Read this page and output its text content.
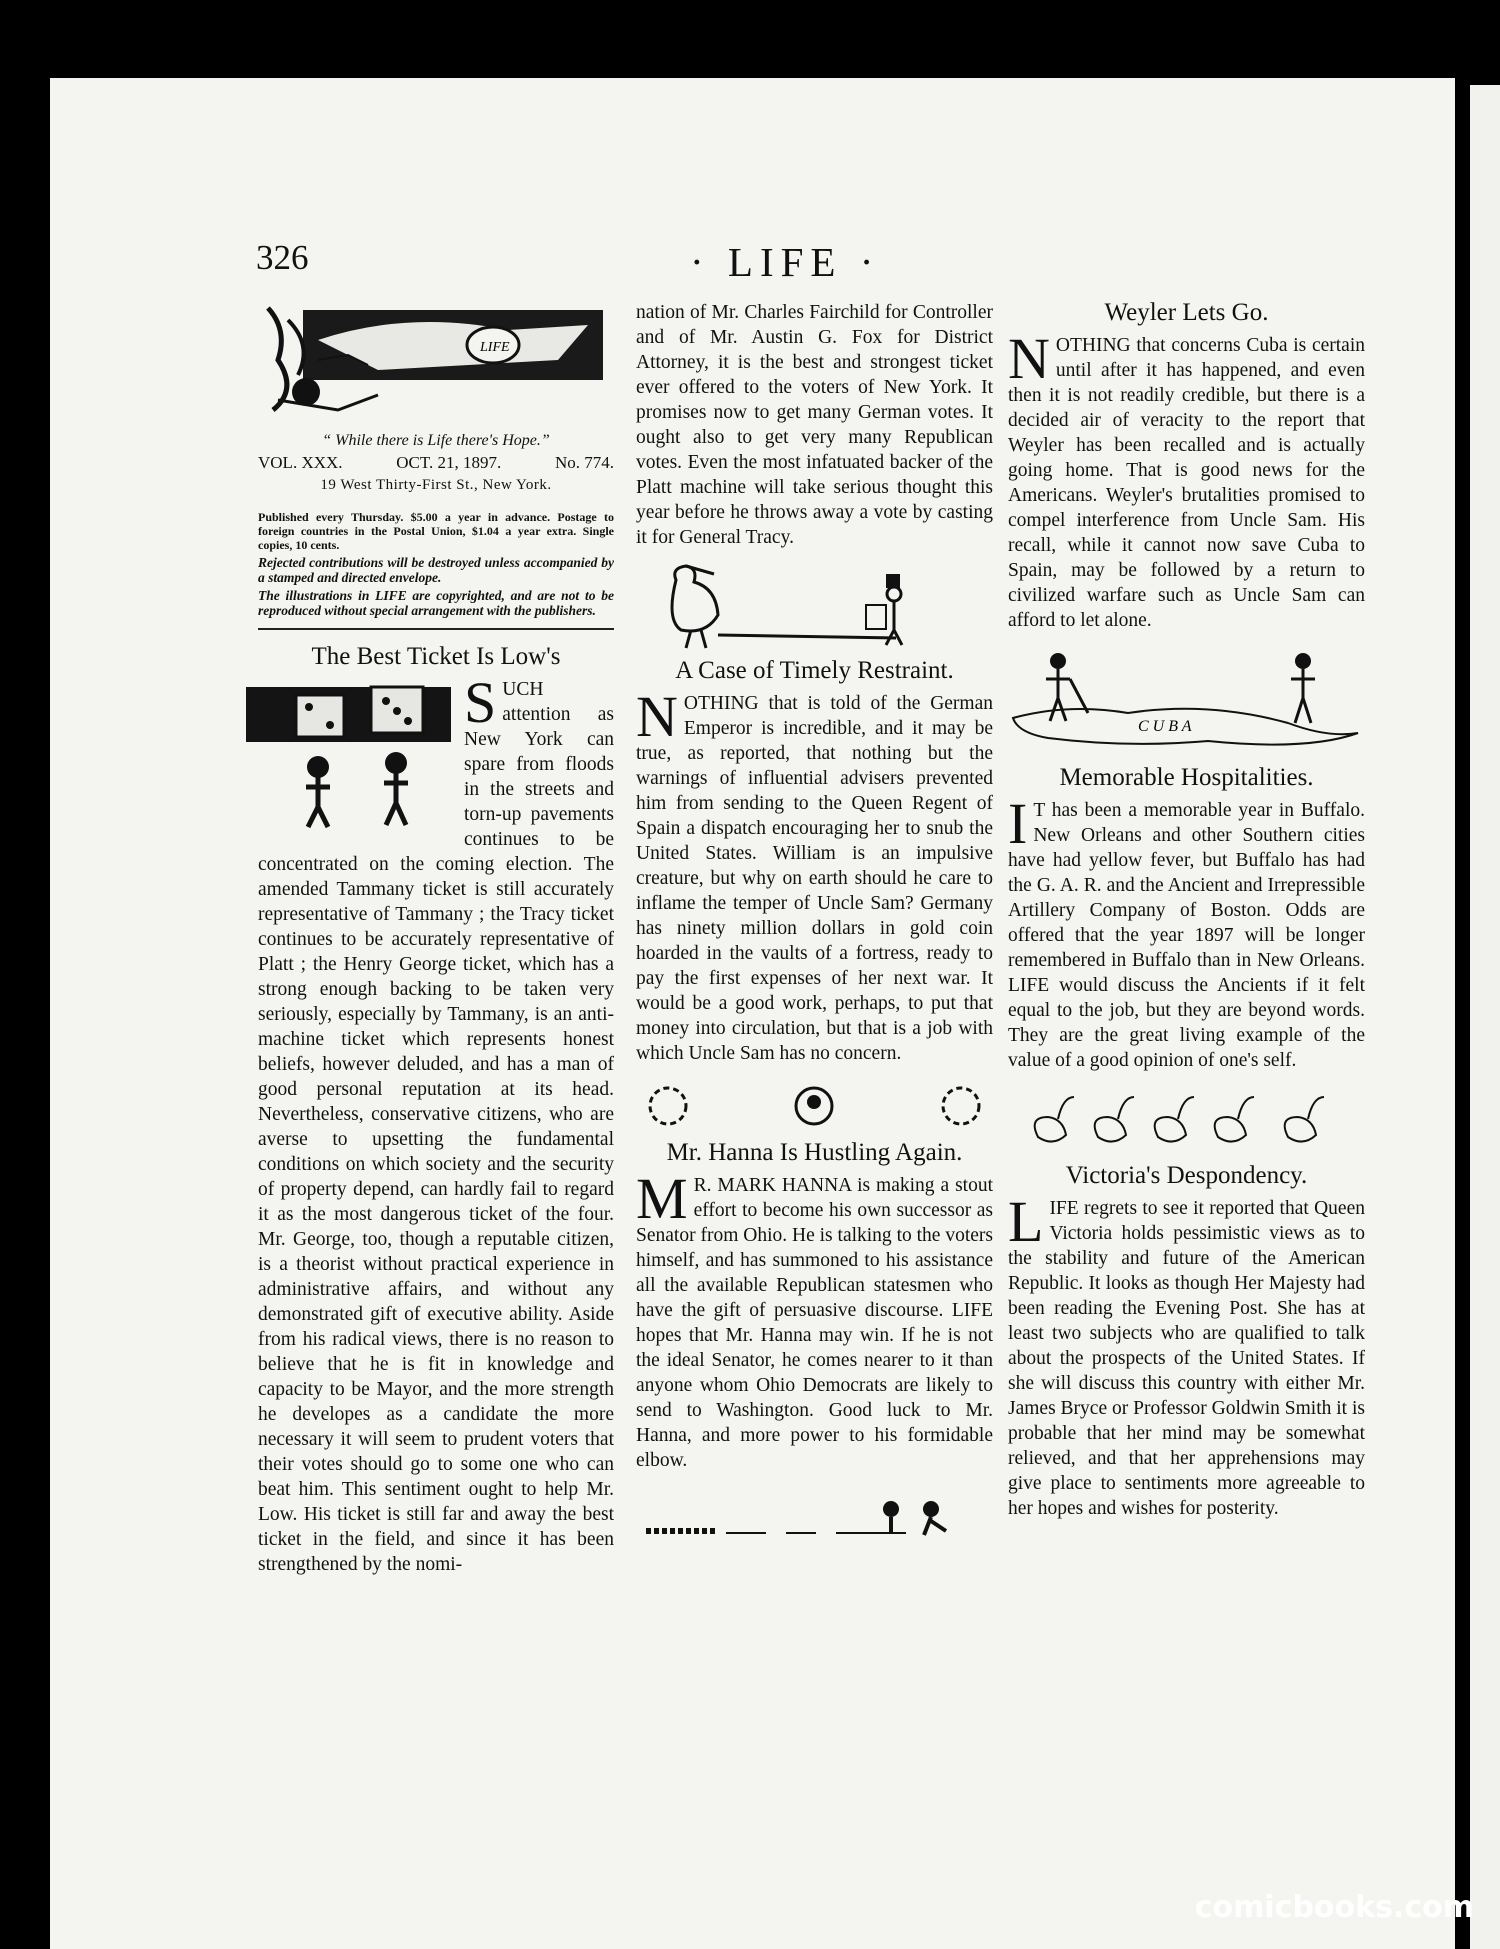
326	· LIFE ·
LIFE
“ While there is Life there's Hope.”
VOL. XXX.	OCT. 21, 1897.	No. 774.
19 West Thirty-First St., New York.
Published every Thursday. $5.00 a year in advance. Postage to foreign countries in the Postal Union, $1.04 a year extra. Single copies, 10 cents.
Rejected contributions will be destroyed unless accompanied by a stamped and directed envelope.
The illustrations in LIFE are copyrighted, and are not to be reproduced without special arrangement with the publishers.
The Best Ticket Is Low's

SUCH attention as New York can spare from floods in the streets and torn-up pavements continues to be concentrated on the coming election. The amended Tammany ticket is still accurately representative of Tammany ; the Tracy ticket continues to be accurately representative of Platt ; the Henry George ticket, which has a strong enough backing to be taken very seriously, especially by Tammany, is an anti-machine ticket which represents honest beliefs, however deluded, and has a man of good personal reputation at its head. Nevertheless, conservative citizens, who are averse to upsetting the fundamental conditions on which society and the security of property depend, can hardly fail to regard it as the most dangerous ticket of the four. Mr. George, too, though a reputable citizen, is a theorist without practical experience in administrative affairs, and without any demonstrated gift of executive ability. Aside from his radical views, there is no reason to believe that he is fit in knowledge and capacity to be Mayor, and the more strength he developes as a candidate the more necessary it will seem to prudent voters that their votes should go to some one who can beat him. This sentiment ought to help Mr. Low. His ticket is still far and away the best ticket in the field, and since it has been strengthened by the nomi-

nation of Mr. Charles Fairchild for Controller and of Mr. Austin G. Fox for District Attorney, it is the best and strongest ticket ever offered to the voters of New York. It promises now to get many German votes. It ought also to get very many Republican votes. Even the most infatuated backer of the Platt machine will take serious thought this year before he throws away a vote by casting it for General Tracy.

A Case of Timely Restraint.

NOTHING that is told of the German Emperor is incredible, and it may be true, as reported, that nothing but the warnings of influential advisers prevented him from sending to the Queen Regent of Spain a dispatch encouraging her to snub the United States. William is an impulsive creature, but why on earth should he care to inflame the temper of Uncle Sam? Germany has ninety million dollars in gold coin hoarded in the vaults of a fortress, ready to pay the first expenses of her next war. It would be a good work, perhaps, to put that money into circulation, but that is a job with which Uncle Sam has no concern.

Mr. Hanna Is Hustling Again.

M R. MARK HANNA is making a stout effort to become his own successor as Senator from Ohio. He is talking to the voters himself, and has summoned to his assistance all the available Republican statesmen who have the gift of persuasive discourse. LIFE hopes that Mr. Hanna may win. If he is not the ideal Senator, he comes nearer to it than anyone whom Ohio Democrats are likely to send to Washington. Good luck to Mr. Hanna, and more power to his formidable elbow.

Weyler Lets Go.

NOTHING that concerns Cuba is certain until after it has happened, and even then it is not readily credible, but there is a decided air of veracity to the report that Weyler has been recalled and is actually going home. That is good news for the Americans. Weyler's brutalities promised to compel interference from Uncle Sam. His recall, while it cannot now save Cuba to Spain, may be followed by a return to civilized warfare such as Uncle Sam can afford to let alone.

C U B A
Memorable Hospitalities.

I T has been a memorable year in Buffalo. New Orleans and other Southern cities have had yellow fever, but Buffalo has had the G. A. R. and the Ancient and Irrepressible Artillery Company of Boston. Odds are offered that the year 1897 will be longer remembered in Buffalo than in New Orleans. LIFE would discuss the Ancients if it felt equal to the job, but they are beyond words. They are the great living example of the value of a good opinion of one's self.

Victoria's Despondency.

LIFE regrets to see it reported that Queen Victoria holds pessimistic views as to the stability and future of the American Republic. It looks as though Her Majesty had been reading the Evening Post. She has at least two subjects who are qualified to talk about the prospects of the United States. If she will discuss this country with either Mr. James Bryce or Professor Goldwin Smith it is probable that her mind may be somewhat relieved, and that her apprehensions may give place to sentiments more agreeable to her hopes and wishes for posterity.

comicbooks.com
